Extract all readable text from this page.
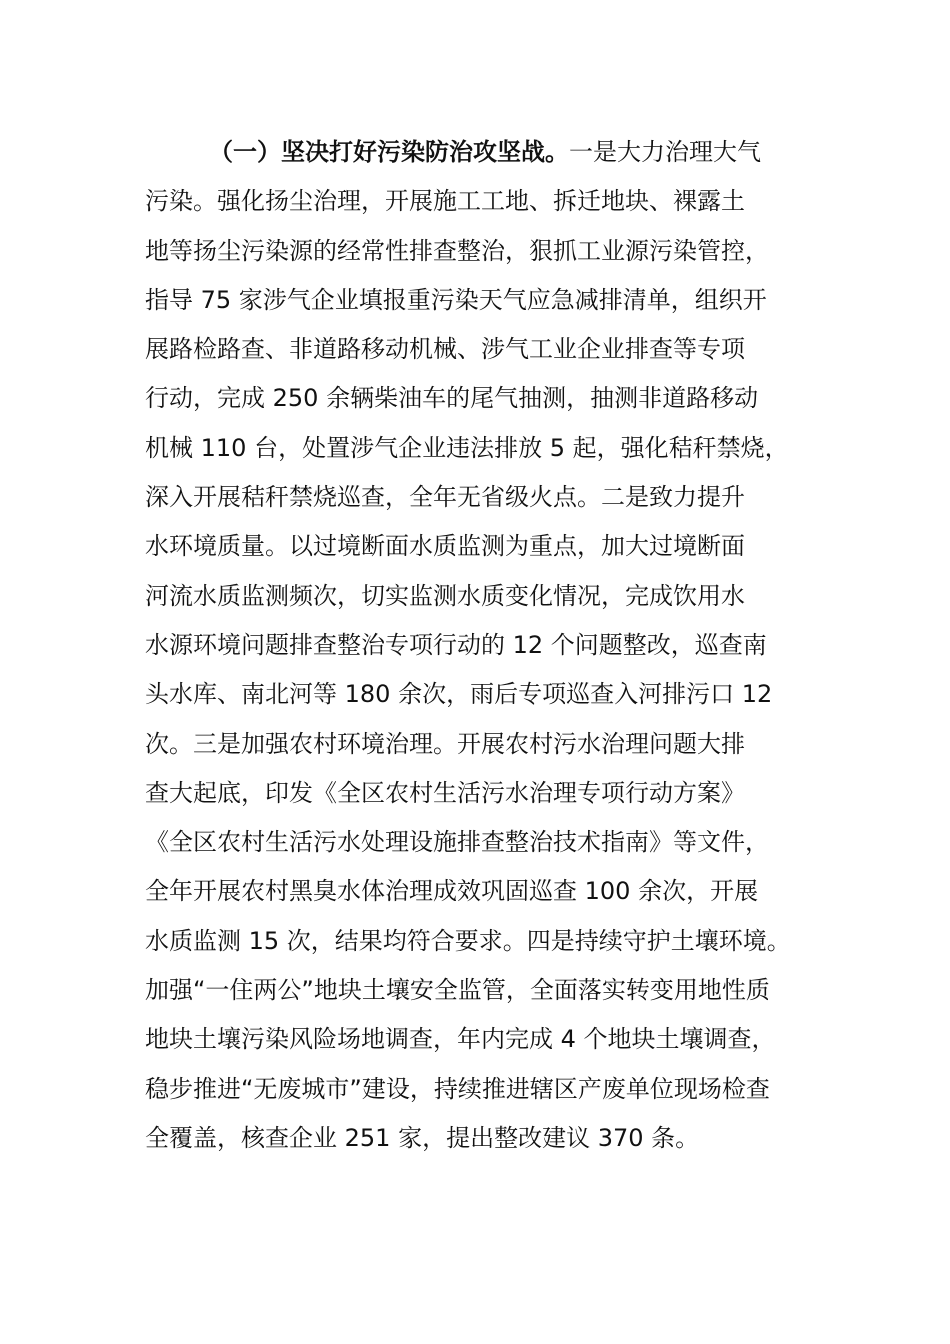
（一）坚决打好污染防治攻坚战。一是大力治理大气
污染。强化扬尘治理，开展施工工地、拆迁地块、裸露土
地等扬尘污染源的经常性排查整治，狠抓工业源污染管控，
指导 75 家涉气企业填报重污染天气应急减排清单，组织开
展路检路查、非道路移动机械、涉气工业企业排查等专项
行动，完成 250 余辆柴油车的尾气抽测，抽测非道路移动
机械 110 台，处置涉气企业违法排放 5 起，强化秸秆禁烧，
深入开展秸秆禁烧巡查，全年无省级火点。二是致力提升
水环境质量。以过境断面水质监测为重点，加大过境断面
河流水质监测频次，切实监测水质变化情况，完成饮用水
水源环境问题排查整治专项行动的 12 个问题整改，巡查南
头水库、南北河等 180 余次，雨后专项巡查入河排污口 12
次。三是加强农村环境治理。开展农村污水治理问题大排
查大起底，印发《全区农村生活污水治理专项行动方案》
《全区农村生活污水处理设施排查整治技术指南》等文件，
全年开展农村黑臭水体治理成效巩固巡查 100 余次，开展
水质监测 15 次，结果均符合要求。四是持续守护土壤环境。
加强“一住两公”地块土壤安全监管，全面落实转变用地性质
地块土壤污染风险场地调查，年内完成 4 个地块土壤调查，
稳步推进“无废城市”建设，持续推进辖区产废单位现场检查
全覆盖，核查企业 251 家，提出整改建议 370 条。
